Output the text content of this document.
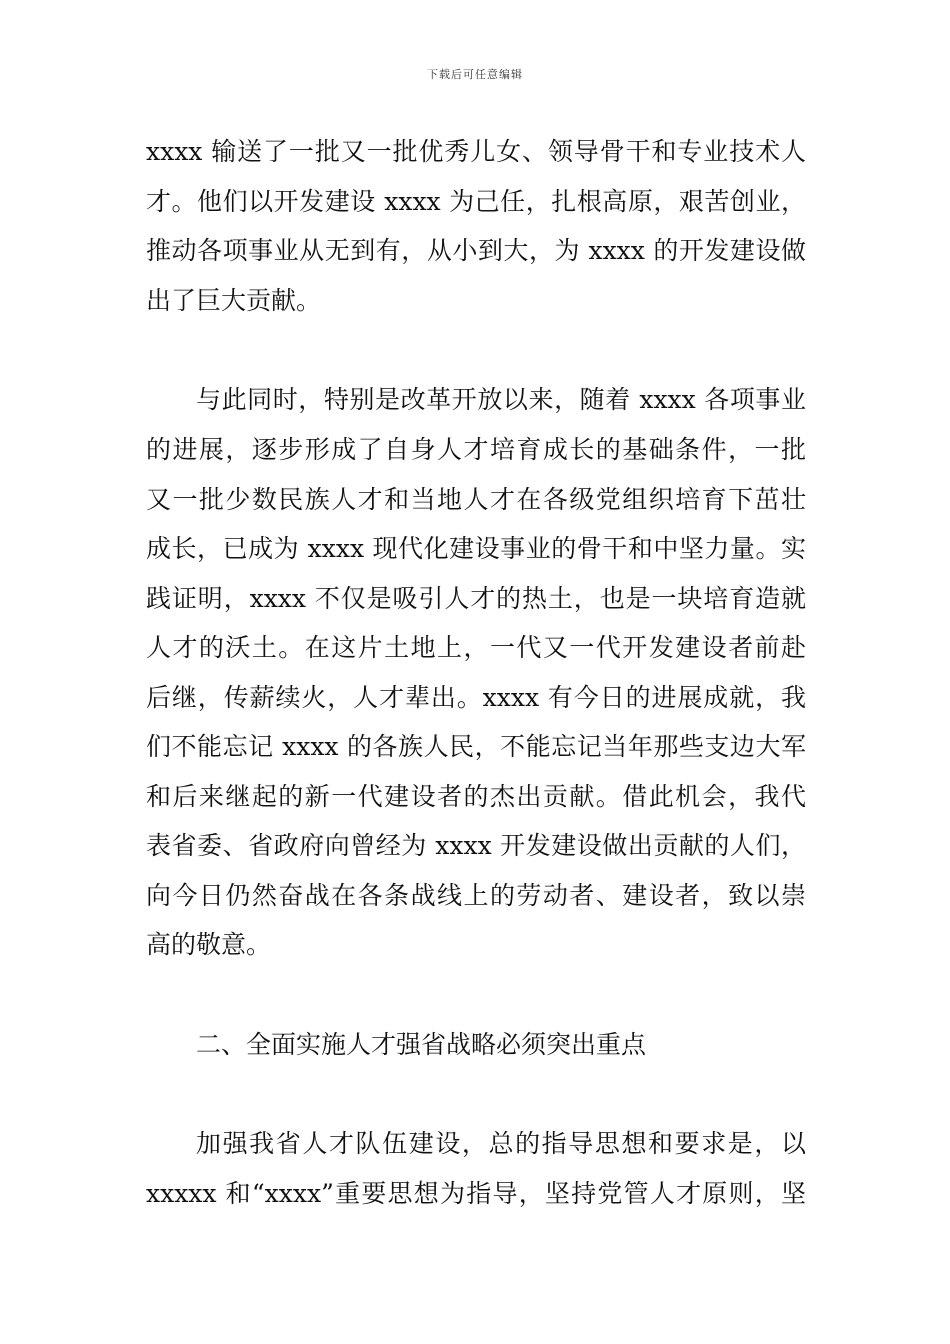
下载后可任意编辑
xxxx 输送了一批又一批优秀儿女、领导骨干和专业技术人
才。他们以开发建设 xxxx 为己任，扎根高原，艰苦创业，
推动各项事业从无到有，从小到大，为 xxxx 的开发建设做
出了巨大贡献。
与此同时，特别是改革开放以来，随着 xxxx 各项事业
的进展，逐步形成了自身人才培育成长的基础条件，一批
又一批少数民族人才和当地人才在各级党组织培育下茁壮
成长，已成为 xxxx 现代化建设事业的骨干和中坚力量。实
践证明，xxxx 不仅是吸引人才的热土，也是一块培育造就
人才的沃土。在这片土地上，一代又一代开发建设者前赴
后继，传薪续火，人才辈出。xxxx 有今日的进展成就，我
们不能忘记 xxxx 的各族人民，不能忘记当年那些支边大军
和后来继起的新一代建设者的杰出贡献。借此机会，我代
表省委、省政府向曾经为 xxxx 开发建设做出贡献的人们，
向今日仍然奋战在各条战线上的劳动者、建设者，致以崇
高的敬意。
二、全面实施人才强省战略必须突出重点
加强我省人才队伍建设，总的指导思想和要求是，以
xxxxx 和“xxxx”重要思想为指导，坚持党管人才原则，坚
